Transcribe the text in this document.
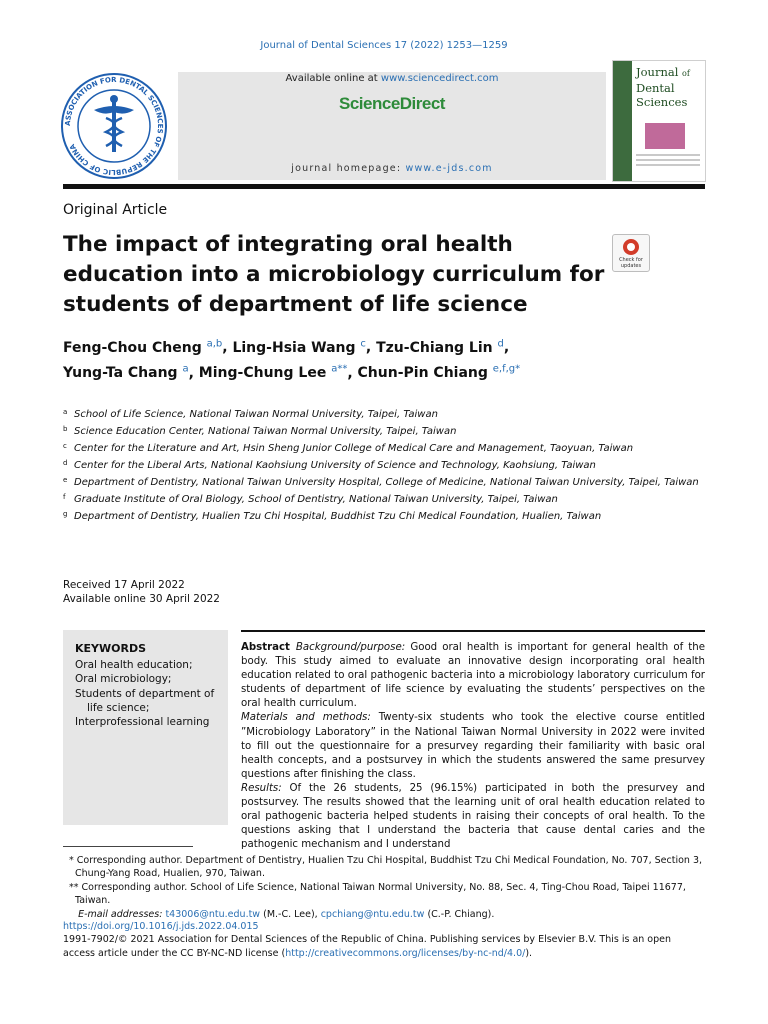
Journal of Dental Sciences 17 (2022) 1253—1259
ASSOCIATION FOR DENTAL SCIENCES OF THE REPUBLIC OF CHINA
Available online at www.sciencedirect.com
ScienceDirect
journal homepage: www.e-jds.com
Journal of
Dental
Sciences
Original Article
The impact of integrating oral health education into a microbiology curriculum for students of department of life science
Check for updates
Feng-Chou Cheng $^{a,b}$, Ling-Hsia Wang $^c$, Tzu-Chiang Lin $^d$,
Yung-Ta Chang $^a$, Ming-Chung Lee $^{a**}$, Chun-Pin Chiang $^{e,f,g*}$
a School of Life Science, National Taiwan Normal University, Taipei, Taiwan
b Science Education Center, National Taiwan Normal University, Taipei, Taiwan
c Center for the Literature and Art, Hsin Sheng Junior College of Medical Care and Management, Taoyuan, Taiwan
d Center for the Liberal Arts, National Kaohsiung University of Science and Technology, Kaohsiung, Taiwan
e Department of Dentistry, National Taiwan University Hospital, College of Medicine, National Taiwan University, Taipei, Taiwan
f Graduate Institute of Oral Biology, School of Dentistry, National Taiwan University, Taipei, Taiwan
g Department of Dentistry, Hualien Tzu Chi Hospital, Buddhist Tzu Chi Medical Foundation, Hualien, Taiwan
Received 17 April 2022
Available online 30 April 2022
KEYWORDS
Oral health education;
Oral microbiology;
Students of department of life science;
Interprofessional learning
Abstract Background/purpose: Good oral health is important for general health of the body. This study aimed to evaluate an innovative design incorporating oral health education related to oral pathogenic bacteria into a microbiology laboratory curriculum for students of department of life science by evaluating the students’ perspectives on the oral health curriculum.
Materials and methods: Twenty-six students who took the elective course entitled ”Microbiology Laboratory” in the National Taiwan Normal University in 2022 were invited to fill out the questionnaire for a presurvey regarding their familiarity with basic oral health concepts, and a postsurvey in which the students answered the same presurvey questions after finishing the class.
Results: Of the 26 students, 25 (96.15%) participated in both the presurvey and postsurvey. The results showed that the learning unit of oral health education related to oral pathogenic bacteria helped students in raising their concepts of oral health. To the questions asking that I understand the bacteria that cause dental caries and the pathogenic mechanism and I understand
* Corresponding author. Department of Dentistry, Hualien Tzu Chi Hospital, Buddhist Tzu Chi Medical Foundation, No. 707, Section 3, Chung-Yang Road, Hualien, 970, Taiwan.
** Corresponding author. School of Life Science, National Taiwan Normal University, No. 88, Sec. 4, Ting-Chou Road, Taipei 11677, Taiwan.
E-mail addresses: t43006@ntu.edu.tw (M.-C. Lee), cpchiang@ntu.edu.tw (C.-P. Chiang).
https://doi.org/10.1016/j.jds.2022.04.015
1991-7902/© 2021 Association for Dental Sciences of the Republic of China. Publishing services by Elsevier B.V. This is an open access article under the CC BY-NC-ND license (http://creativecommons.org/licenses/by-nc-nd/4.0/).
